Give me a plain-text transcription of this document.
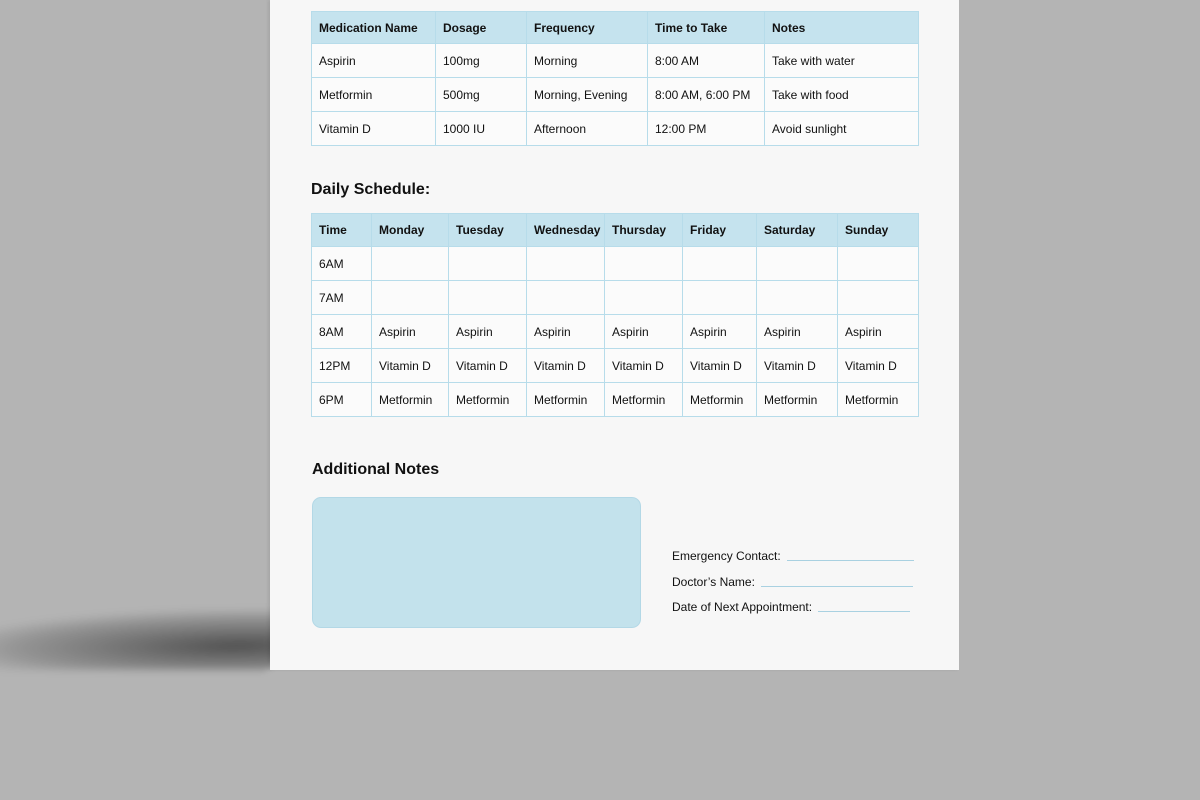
Medication Name	Dosage	Frequency	Time to Take	Notes
Aspirin	100mg	Morning	8:00 AM	Take with water
Metformin	500mg	Morning, Evening	8:00 AM, 6:00 PM	Take with food
Vitamin D	1000 IU	Afternoon	12:00 PM	Avoid sunlight
Daily Schedule:
Time	Monday	Tuesday	Wednesday	Thursday	Friday	Saturday	Sunday
6AM							
7AM							
8AM	Aspirin	Aspirin	Aspirin	Aspirin	Aspirin	Aspirin	Aspirin
12PM	Vitamin D	Vitamin D	Vitamin D	Vitamin D	Vitamin D	Vitamin D	Vitamin D
6PM	Metformin	Metformin	Metformin	Metformin	Metformin	Metformin	Metformin
Additional Notes
Emergency Contact:
Doctor’s Name:
Date of Next Appointment:
